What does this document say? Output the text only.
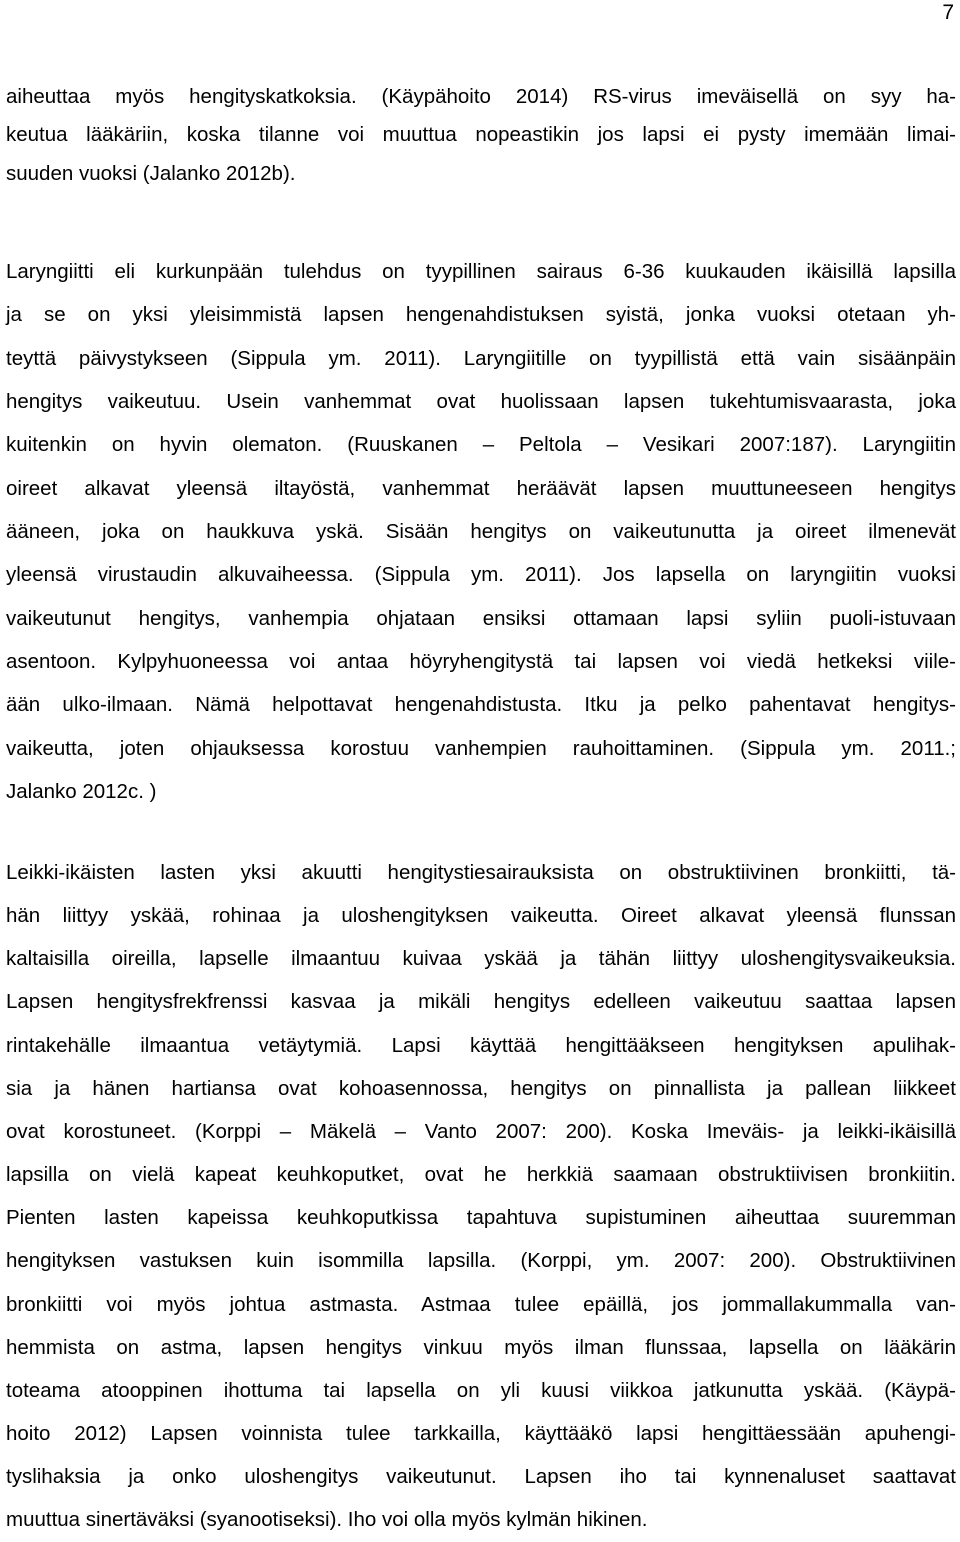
7
aiheuttaa myös hengityskatkoksia. (Käypähoito 2014) RS-virus imeväisellä on syy ha-
keutua lääkäriin, koska tilanne voi muuttua nopeastikin jos lapsi ei pysty imemään limai-
suuden vuoksi (Jalanko 2012b).
Laryngiitti eli kurkunpään tulehdus on tyypillinen sairaus 6-36 kuukauden ikäisillä lapsilla
ja se on yksi yleisimmistä lapsen hengenahdistuksen syistä, jonka vuoksi otetaan yh-
teyttä päivystykseen (Sippula ym. 2011). Laryngiitille on tyypillistä että vain sisäänpäin
hengitys vaikeutuu. Usein vanhemmat ovat huolissaan lapsen tukehtumisvaarasta, joka
kuitenkin on hyvin olematon. (Ruuskanen – Peltola – Vesikari 2007:187). Laryngiitin
oireet alkavat yleensä iltayöstä, vanhemmat heräävät lapsen muuttuneeseen hengitys
ääneen, joka on haukkuva yskä. Sisään hengitys on vaikeutunutta ja oireet ilmenevät
yleensä virustaudin alkuvaiheessa. (Sippula ym. 2011). Jos lapsella on laryngiitin vuoksi
vaikeutunut hengitys, vanhempia ohjataan ensiksi ottamaan lapsi syliin puoli-istuvaan
asentoon. Kylpyhuoneessa voi antaa höyryhengitystä tai lapsen voi viedä hetkeksi viile-
ään ulko-ilmaan. Nämä helpottavat hengenahdistusta. Itku ja pelko pahentavat hengitys-
vaikeutta, joten ohjauksessa korostuu vanhempien rauhoittaminen. (Sippula ym. 2011.;
Jalanko 2012c. )
Leikki-ikäisten lasten yksi akuutti hengitystiesairauksista on obstruktiivinen bronkiitti, tä-
hän liittyy yskää, rohinaa ja uloshengityksen vaikeutta. Oireet alkavat yleensä flunssan
kaltaisilla oireilla, lapselle ilmaantuu kuivaa yskää ja tähän liittyy uloshengitysvaikeuksia.
Lapsen hengitysfrekfrenssi kasvaa ja mikäli hengitys edelleen vaikeutuu saattaa lapsen
rintakehälle ilmaantua vetäytymiä. Lapsi käyttää hengittääkseen hengityksen apulihak-
sia ja hänen hartiansa ovat kohoasennossa, hengitys on pinnallista ja pallean liikkeet
ovat korostuneet. (Korppi – Mäkelä – Vanto 2007: 200). Koska Imeväis- ja leikki-ikäisillä
lapsilla on vielä kapeat keuhkoputket, ovat he herkkiä saamaan obstruktiivisen bronkiitin.
Pienten lasten kapeissa keuhkoputkissa tapahtuva supistuminen aiheuttaa suuremman
hengityksen vastuksen kuin isommilla lapsilla. (Korppi, ym. 2007: 200). Obstruktiivinen
bronkiitti voi myös johtua astmasta. Astmaa tulee epäillä, jos jommallakummalla van-
hemmista on astma, lapsen hengitys vinkuu myös ilman flunssaa, lapsella on lääkärin
toteama atooppinen ihottuma tai lapsella on yli kuusi viikkoa jatkunutta yskää. (Käypä-
hoito 2012) Lapsen voinnista tulee tarkkailla, käyttääkö lapsi hengittäessään apuhengi-
tyslihaksia ja onko uloshengitys vaikeutunut. Lapsen iho tai kynnenaluset saattavat
muuttua sinertäväksi (syanootiseksi). Iho voi olla myös kylmän hikinen.
